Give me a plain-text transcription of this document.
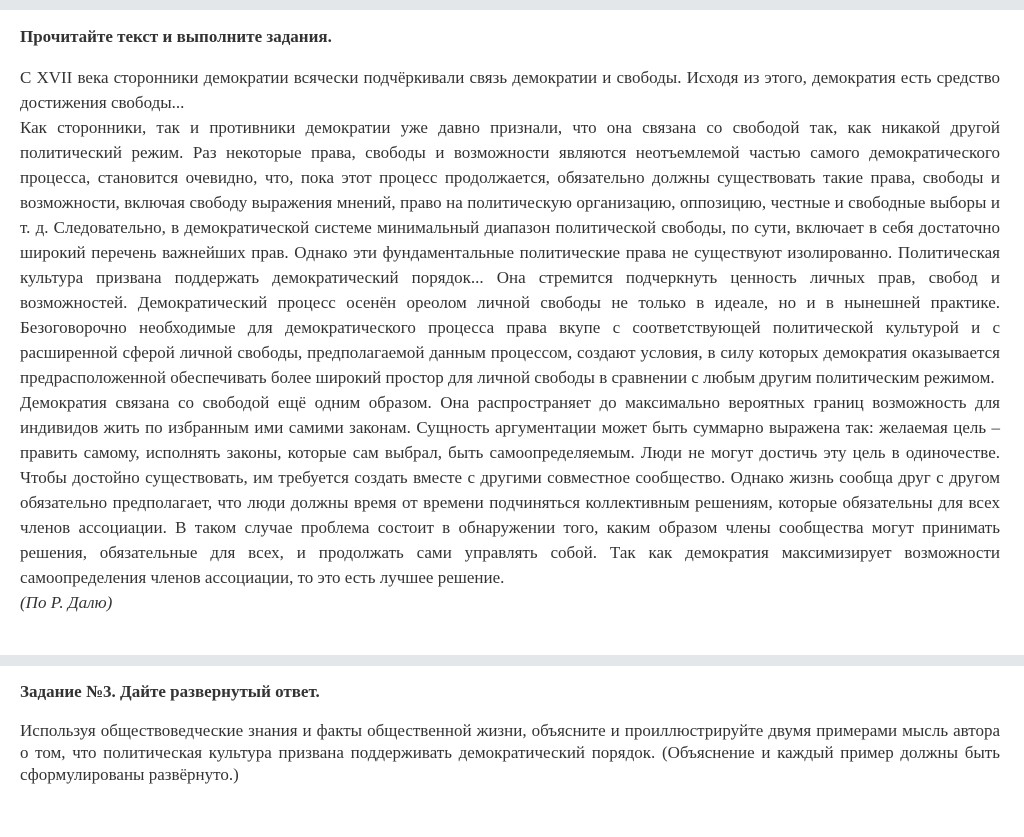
Прочитайте текст и выполните задания.

С XVII века сторонники демократии всячески подчёркивали связь демократии и свободы. Исходя из этого, демократия есть средство достижения свободы...

Как сторонники, так и противники демократии уже давно признали, что она связана со свободой так, как никакой другой политический режим. Раз некоторые права, свободы и возможности являются неотъемлемой частью самого демократического процесса, становится очевидно, что, пока этот процесс продолжается, обязательно должны существовать такие права, свободы и возможности, включая свободу выражения мнений, право на политическую организацию, оппозицию, честные и свободные выборы и т. д. Следовательно, в демократической системе минимальный диапазон политической свободы, по сути, включает в себя достаточно широкий перечень важнейших прав. Однако эти фундаментальные политические права не существуют изолированно. Политическая культура призвана поддержать демократический порядок... Она стремится подчеркнуть ценность личных прав, свобод и возможностей. Демократический процесс осенён ореолом личной свободы не только в идеале, но и в нынешней практике. Безоговорочно необходимые для демократического процесса права вкупе с соответствующей политической культурой и с расширенной сферой личной свободы, предполагаемой данным процессом, создают условия, в силу которых демократия оказывается предрасположенной обеспечивать более широкий простор для личной свободы в сравнении с любым другим политическим режимом.

Демократия связана со свободой ещё одним образом. Она распространяет до максимально вероятных границ возможность для индивидов жить по избранным ими самими законам. Сущность аргументации может быть суммарно выражена так: желаемая цель – править самому, исполнять законы, которые сам выбрал, быть самоопределяемым. Люди не могут достичь эту цель в одиночестве. Чтобы достойно существовать, им требуется создать вместе с другими совместное сообщество. Однако жизнь сообща друг с другом обязательно предполагает, что люди должны время от времени подчиняться коллективным решениям, которые обязательны для всех членов ассоциации. В таком случае проблема состоит в обнаружении того, каким образом члены сообщества могут принимать решения, обязательные для всех, и продолжать сами управлять собой. Так как демократия максимизирует возможности самоопределения членов ассоциации, то это есть лучшее решение.

(По Р. Далю)

Задание №3. Дайте развернутый ответ.

Используя обществоведческие знания и факты общественной жизни, объясните и проиллюстрируйте двумя примерами мысль автора о том, что политическая культура призвана поддерживать демократический порядок. (Объяснение и каждый пример должны быть сформулированы развёрнуто.)
